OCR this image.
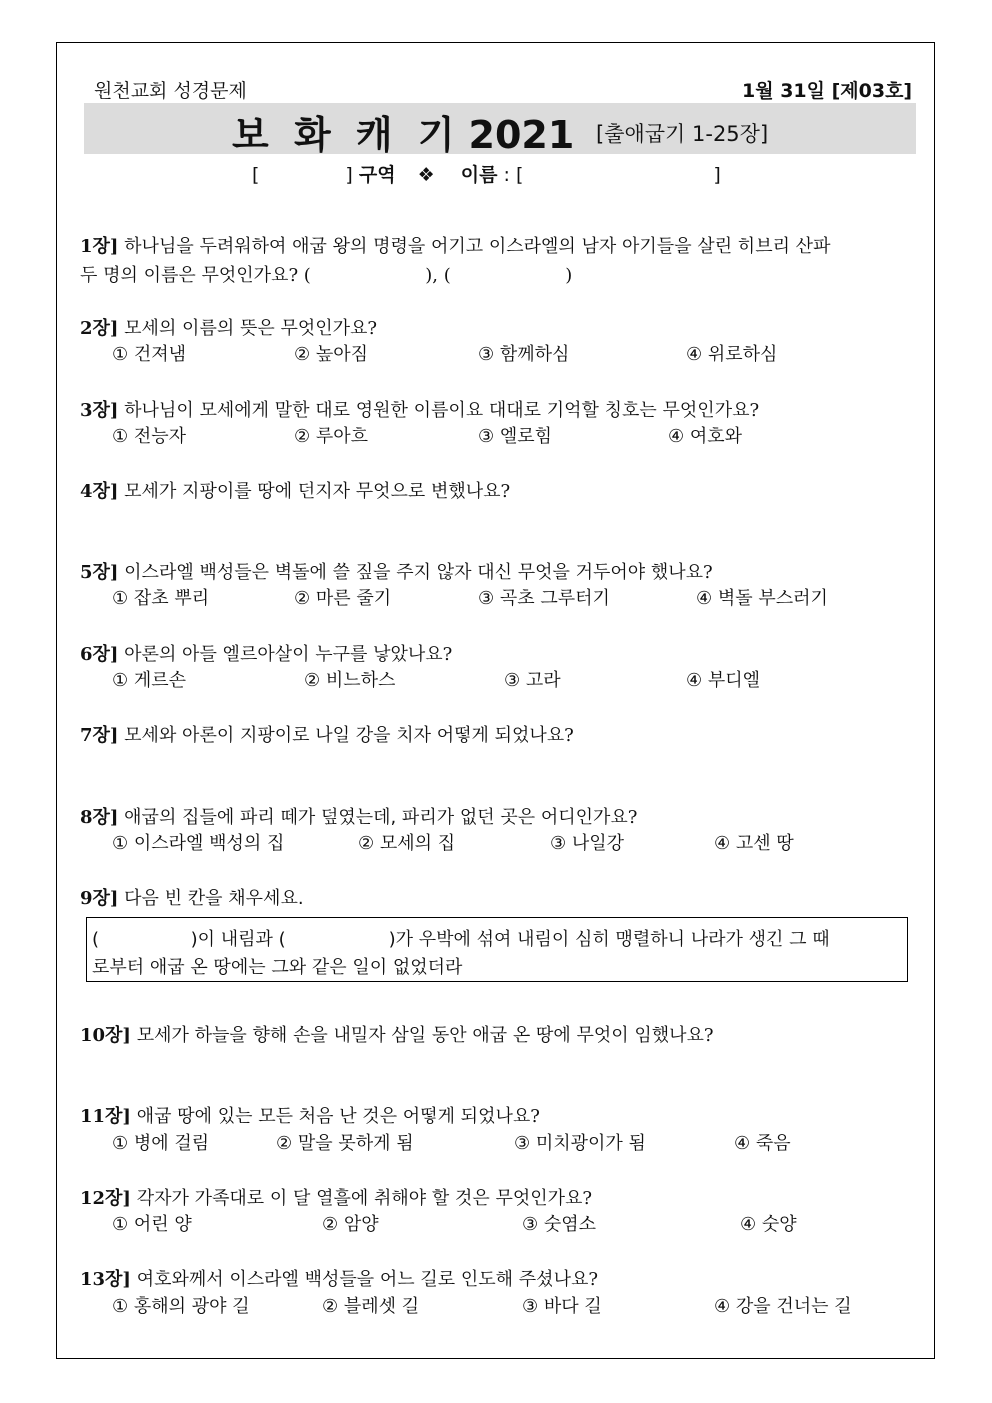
원천교회 성경문제	1월 31일 [제03호]
보 화 캐 기 2021 [출애굽기 1-25장]
[	] 구역 ❖ 이름 : [	]
1장] 하나님을 두려워하여 애굽 왕의 명령을 어기고 이스라엘의 남자 아기들을 살린 히브리 산파
두 명의 이름은 무엇인가요? (                    ), (                    )
2장] 모세의 이름의 뜻은 무엇인가요?
① 건져냄	② 높아짐	③ 함께하심	④ 위로하심
3장] 하나님이 모세에게 말한 대로 영원한 이름이요 대대로 기억할 칭호는 무엇인가요?
① 전능자	② 루아흐	③ 엘로힘	④ 여호와
4장] 모세가 지팡이를 땅에 던지자 무엇으로 변했나요?
5장] 이스라엘 백성들은 벽돌에 쓸 짚을 주지 않자 대신 무엇을 거두어야 했나요?
① 잡초 뿌리	② 마른 줄기	③ 곡초 그루터기	④ 벽돌 부스러기
6장] 아론의 아들 엘르아살이 누구를 낳았나요?
① 게르손	② 비느하스	③ 고라	④ 부디엘
7장] 모세와 아론이 지팡이로 나일 강을 치자 어떻게 되었나요?
8장] 애굽의 집들에 파리 떼가 덮였는데, 파리가 없던 곳은 어디인가요?
① 이스라엘 백성의 집	② 모세의 집	③ 나일강	④ 고센 땅
9장] 다음 빈 칸을 채우세요.
(                )이 내림과 (                  )가 우박에 섞여 내림이 심히 맹렬하니 나라가 생긴 그 때
로부터 애굽 온 땅에는 그와 같은 일이 없었더라
10장] 모세가 하늘을 향해 손을 내밀자 삼일 동안 애굽 온 땅에 무엇이 임했나요?
11장] 애굽 땅에 있는 모든 처음 난 것은 어떻게 되었나요?
① 병에 걸림	② 말을 못하게 됨	③ 미치광이가 됨	④ 죽음
12장] 각자가 가족대로 이 달 열흘에 취해야 할 것은 무엇인가요?
① 어린 양	② 암양	③ 숫염소	④ 숫양
13장] 여호와께서 이스라엘 백성들을 어느 길로 인도해 주셨나요?
① 홍해의 광야 길	② 블레셋 길	③ 바다 길	④ 강을 건너는 길
